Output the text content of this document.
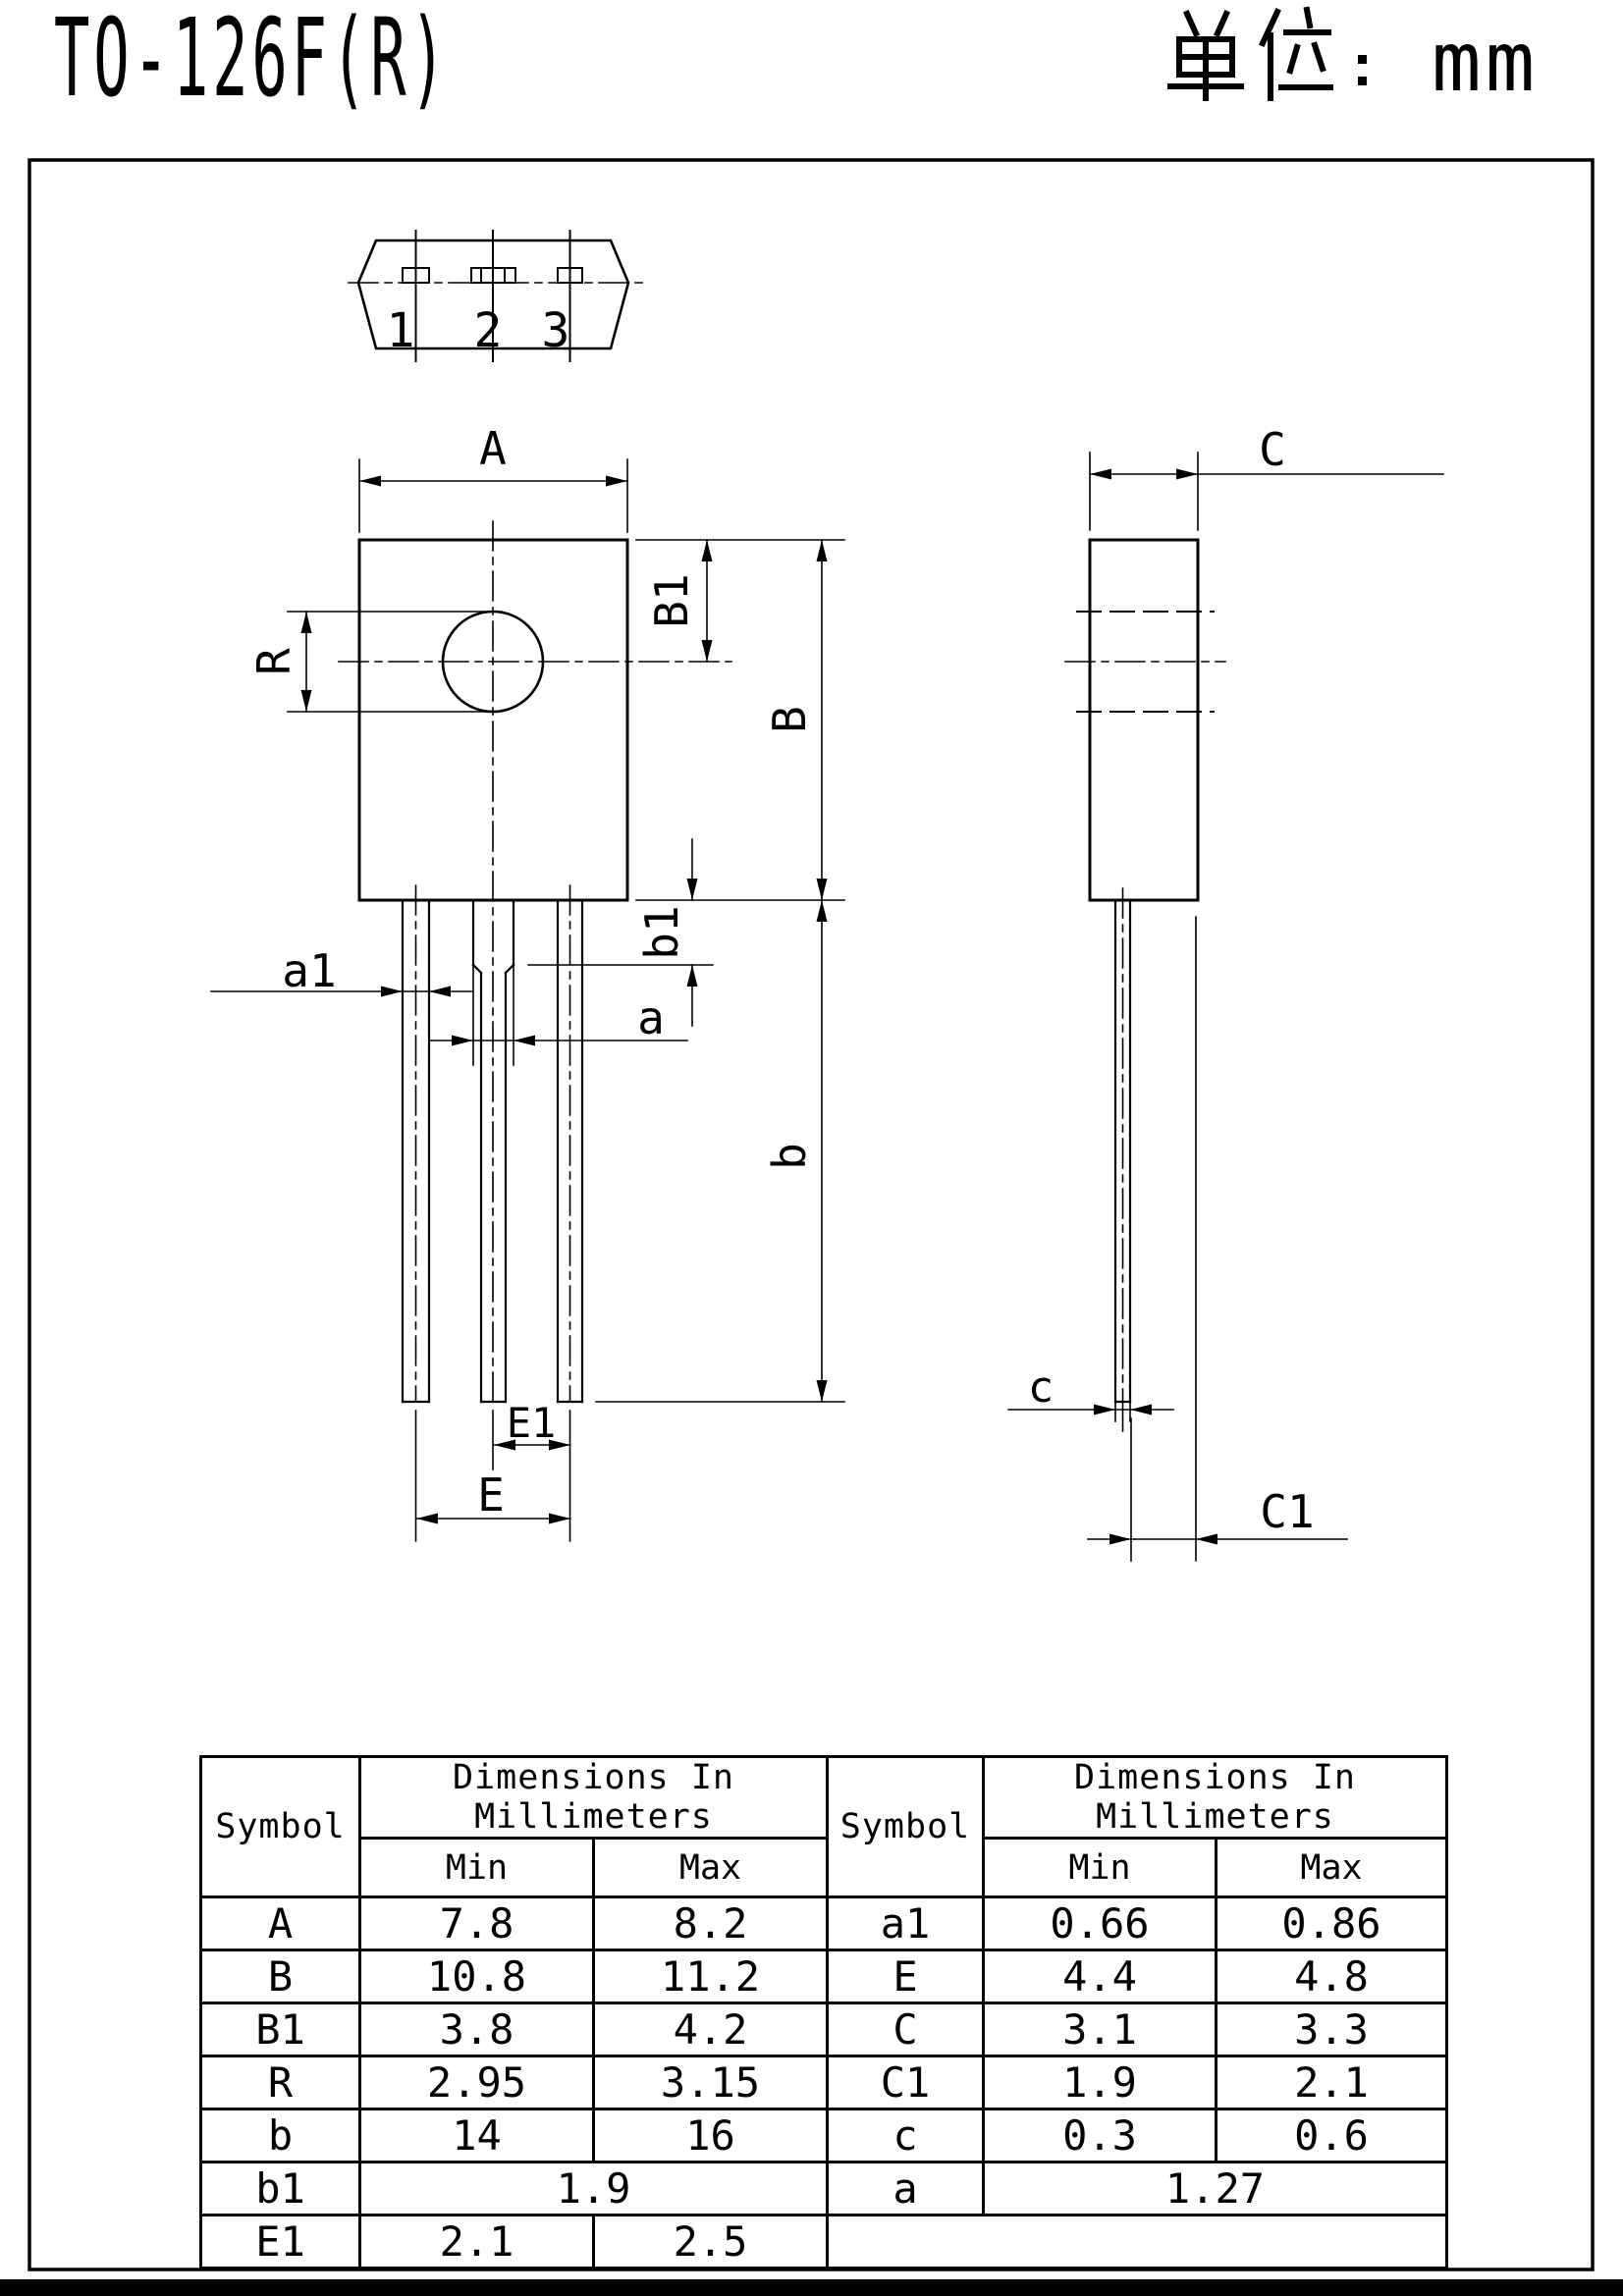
TO-126F(R)	mm
1 2 3
A
R
B1
B
b1
b
a1
a
E1
E
C
c
C1
Symbol	Dimensions In Millimeters	
	Min	Max
A	7.8	8.2
B	10.8	11.2
B1	3.8	4.2
R	2.95	3.15
b	14	16
b1	1.9	
E1	2.1	2.5
Symbol	Dimensions In Millimeters	
	Min	Max
a1	0.66	0.86
E	4.4	4.8
C	3.1	3.3
C1	1.9	2.1
c	0.3	0.6
a	1.27	
